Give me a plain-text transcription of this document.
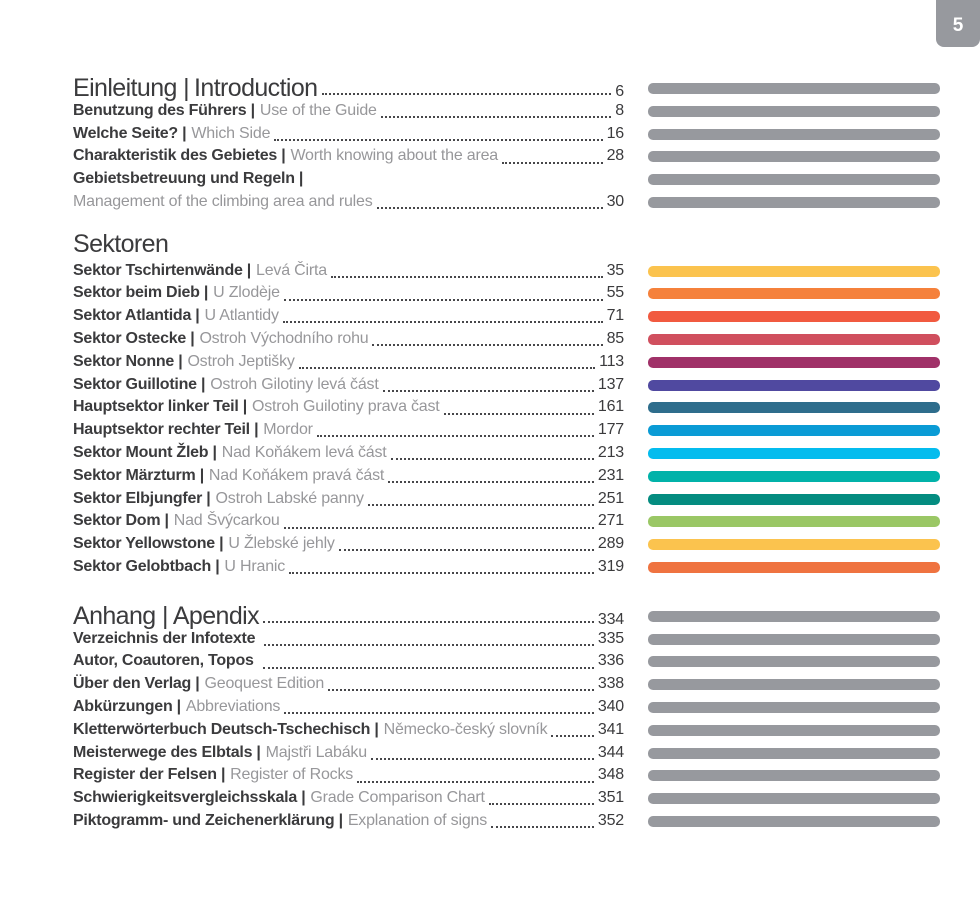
5
Einleitung | Introduction	6
Benutzung des Führers | Use of the Guide	8
Welche Seite? | Which Side	16
Charakteristik des Gebietes | Worth knowing about the area	28
Gebietsbetreuung und Regeln |
Management of the climbing area and rules	30
Sektoren
Sektor Tschirtenwände | Levá Čirta	35
Sektor beim Dieb | U Zlodèje	55
Sektor Atlantida | U Atlantidy	71
Sektor Ostecke | Ostroh Východního rohu	85
Sektor Nonne | Ostroh Jeptišky	113
Sektor Guillotine | Ostroh Gilotiny levá část	137
Hauptsektor linker Teil | Ostroh Guilotiny prava čast	161
Hauptsektor rechter Teil | Mordor	177
Sektor Mount Žleb | Nad Koňákem levá část	213
Sektor Märzturm | Nad Koňákem pravá část	231
Sektor Elbjungfer | Ostroh Labské panny	251
Sektor Dom | Nad Švýcarkou	271
Sektor Yellowstone | U Žlebské jehly	289
Sektor Gelobtbach | U Hranic	319
Anhang | Apendix	334
Verzeichnis der Infotexte	335
Autor, Coautoren, Topos	336
Über den Verlag | Geoquest Edition	338
Abkürzungen | Abbreviations	340
Kletterwörterbuch Deutsch-Tschechisch | Německo-český slovník	341
Meisterwege des Elbtals | Majstři Labáku	344
Register der Felsen | Register of Rocks	348
Schwierigkeitsvergleichsskala | Grade Comparison Chart	351
Piktogramm- und Zeichenerklärung | Explanation of signs	352
